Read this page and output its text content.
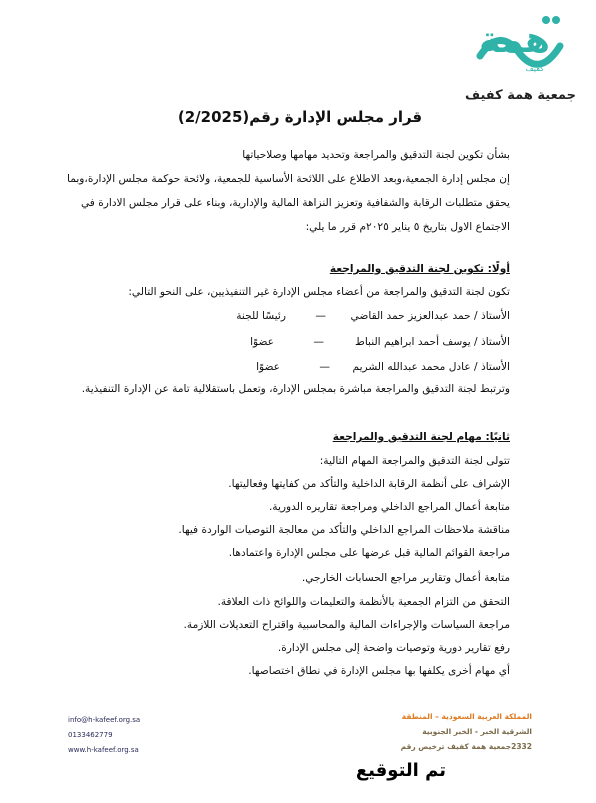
همة
كفيف
جمعية همة كفيف
قرار مجلس الإدارة رقم(2/2025)
بشأن تكوين لجنة التدقيق والمراجعة وتحديد مهامها وصلاحياتها
إن مجلس إدارة الجمعية،وبعد الاطلاع على اللائحة الأساسية للجمعية، ولائحة حوكمة مجلس الإدارة،وبما
يحقق متطلبات الرقابة والشفافية وتعزيز النزاهة المالية والإدارية، وبناء على قرار مجلس الادارة في
الاجتماع الاول بتاريخ ٥ يناير ٢٠٢٥م قرر ما يلي:
أولًا: تكوين لجنة التدقيق والمراجعة
تكون لجنة التدقيق والمراجعة من أعضاء مجلس الإدارة غير التنفيذيين، على النحو التالي:
الأستاذ / حمد عبدالعزيز حمد القاضي
—
رئيسًا للجنة
الأستاذ / يوسف أحمد ابراهيم النباط
—
عضوًا
الأستاذ / عادل محمد عبدالله الشريم
—
عضوًا
وترتبط لجنة التدقيق والمراجعة مباشرة بمجلس الإدارة، وتعمل باستقلالية تامة عن الإدارة التنفيذية.
ثانيًا: مهام لجنة التدقيق والمراجعة
تتولى لجنة التدقيق والمراجعة المهام التالية:
الإشراف على أنظمة الرقابة الداخلية والتأكد من كفايتها وفعاليتها.
متابعة أعمال المراجع الداخلي ومراجعة تقاريره الدورية.
مناقشة ملاحظات المراجع الداخلي والتأكد من معالجة التوصيات الواردة فيها.
مراجعة القوائم المالية قبل عرضها على مجلس الإدارة واعتمادها.
متابعة أعمال وتقارير مراجع الحسابات الخارجي.
التحقق من التزام الجمعية بالأنظمة والتعليمات واللوائح ذات العلاقة.
مراجعة السياسات والإجراءات المالية والمحاسبية واقتراح التعديلات اللازمة.
رفع تقارير دورية وتوصيات واضحة إلى مجلس الإدارة.
أي مهام أخرى يكلفها بها مجلس الإدارة في نطاق اختصاصها.
info@h-kafeef.org.sa
0133462779
www.h-kafeef.org.sa
المملكة العربية السعودية – المنطقة
الشرقية الخبر - الخبر الجنوبية
2332جمعية همة كفيف ترخيص رقم
تم التوقيع
